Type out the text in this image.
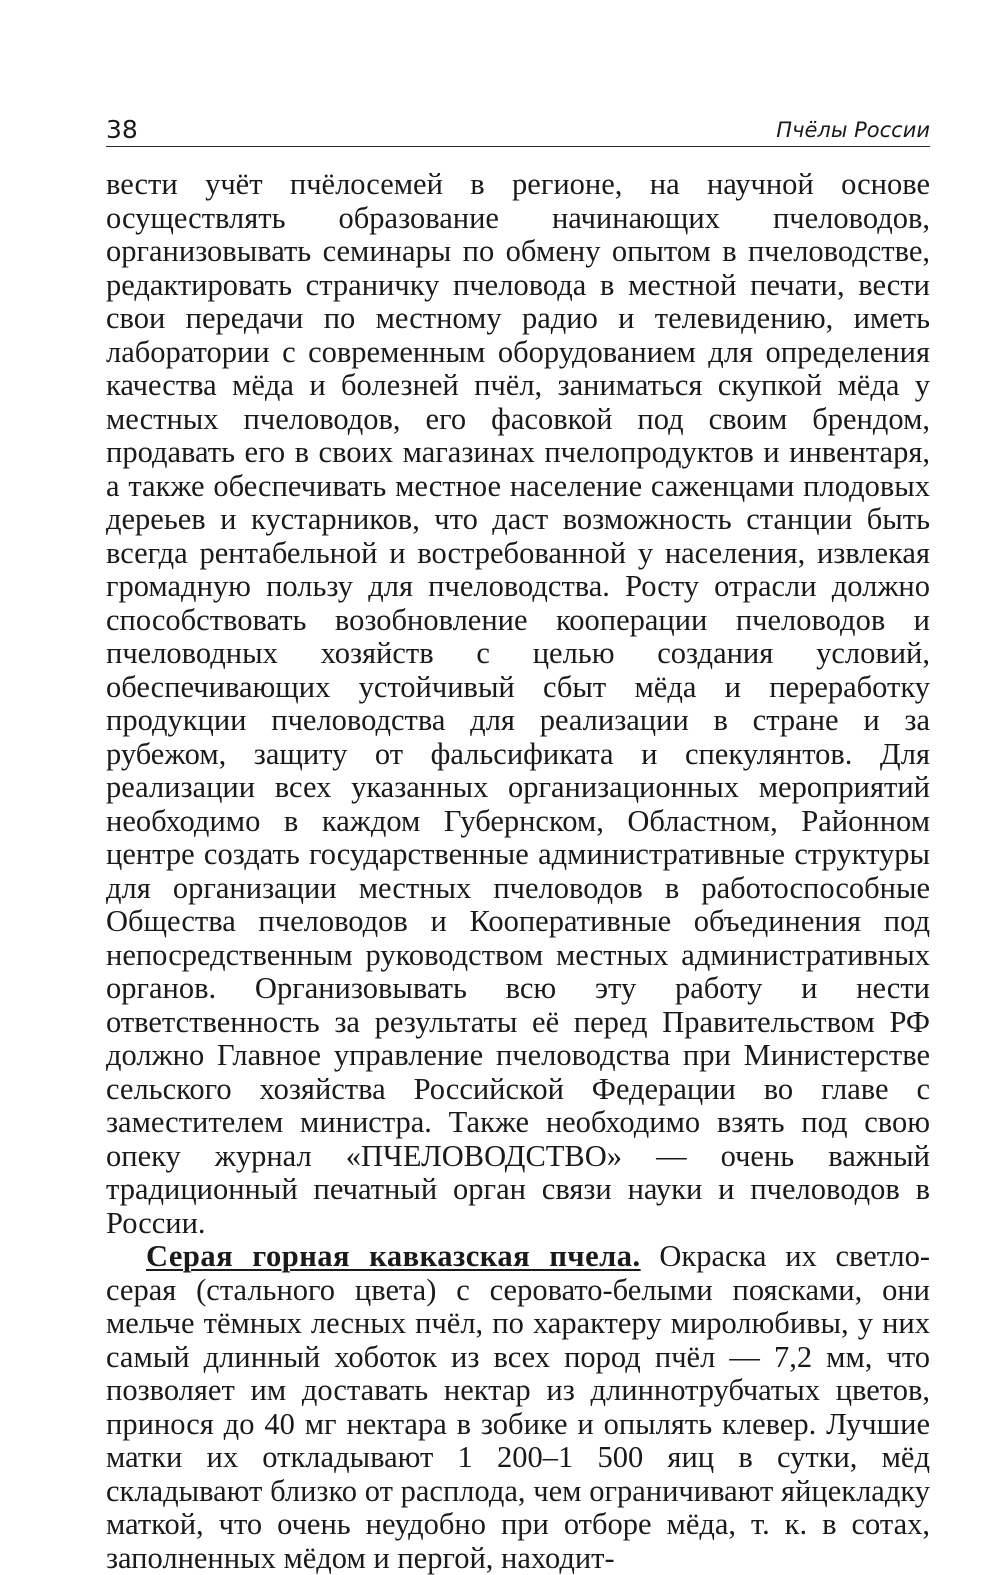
38	Пчёлы России

вести учёт пчёлосемей в регионе, на научной основе осуществлять образование начинающих пчеловодов, организовывать семинары по обмену опытом в пчеловодстве, редактировать страничку пчеловода в местной печати, вести свои передачи по местному радио и телевидению, иметь лаборатории с современным оборудованием для определения качества мёда и болезней пчёл, заниматься скупкой мёда у местных пчеловодов, его фасовкой под своим брендом, продавать его в своих магазинах пчелопродуктов и инвентаря, а также обеспечивать местное население саженцами плодовых дереьев и кустарников, что даст возможность станции быть всегда рентабельной и востребованной у населения, извлекая громадную пользу для пчеловодства. Росту отрасли должно способствовать возобновление кооперации пчеловодов и пчеловодных хозяйств с целью создания условий, обеспечивающих устойчивый сбыт мёда и переработку продукции пчеловодства для реализации в стране и за рубежом, защиту от фальсификата и спекулянтов. Для реализации всех указанных организационных мероприятий необходимо в каждом Губернском, Областном, Районном центре создать государственные административные структуры для организации местных пчеловодов в работоспособные Общества пчеловодов и Кооперативные объединения под непосредственным руководством местных административных органов. Организовывать всю эту работу и нести ответственность за результаты её перед Правительством РФ должно Главное управление пчеловодства при Министерстве сельского хозяйства Российской Федерации во главе с заместителем министра. Также необходимо взять под свою опеку журнал «ПЧЕЛОВОДСТВО» — очень важный традиционный печатный орган связи науки и пчеловодов в России.

Серая горная кавказская пчела. Окраска их светло-серая (стального цвета) с серовато-белыми поясками, они мельче тёмных лесных пчёл, по характеру миролюбивы, у них самый длинный хоботок из всех пород пчёл — 7,2 мм, что позволяет им доставать нектар из длиннотрубчатых цветов, принося до 40 мг нектара в зобике и опылять клевер. Лучшие матки их откладывают 1 200–1 500 яиц в сутки, мёд складывают близко от расплода, чем ограничивают яйцекладку маткой, что очень неудобно при отборе мёда, т. к. в сотах, заполненных мёдом и пергой, находит-
